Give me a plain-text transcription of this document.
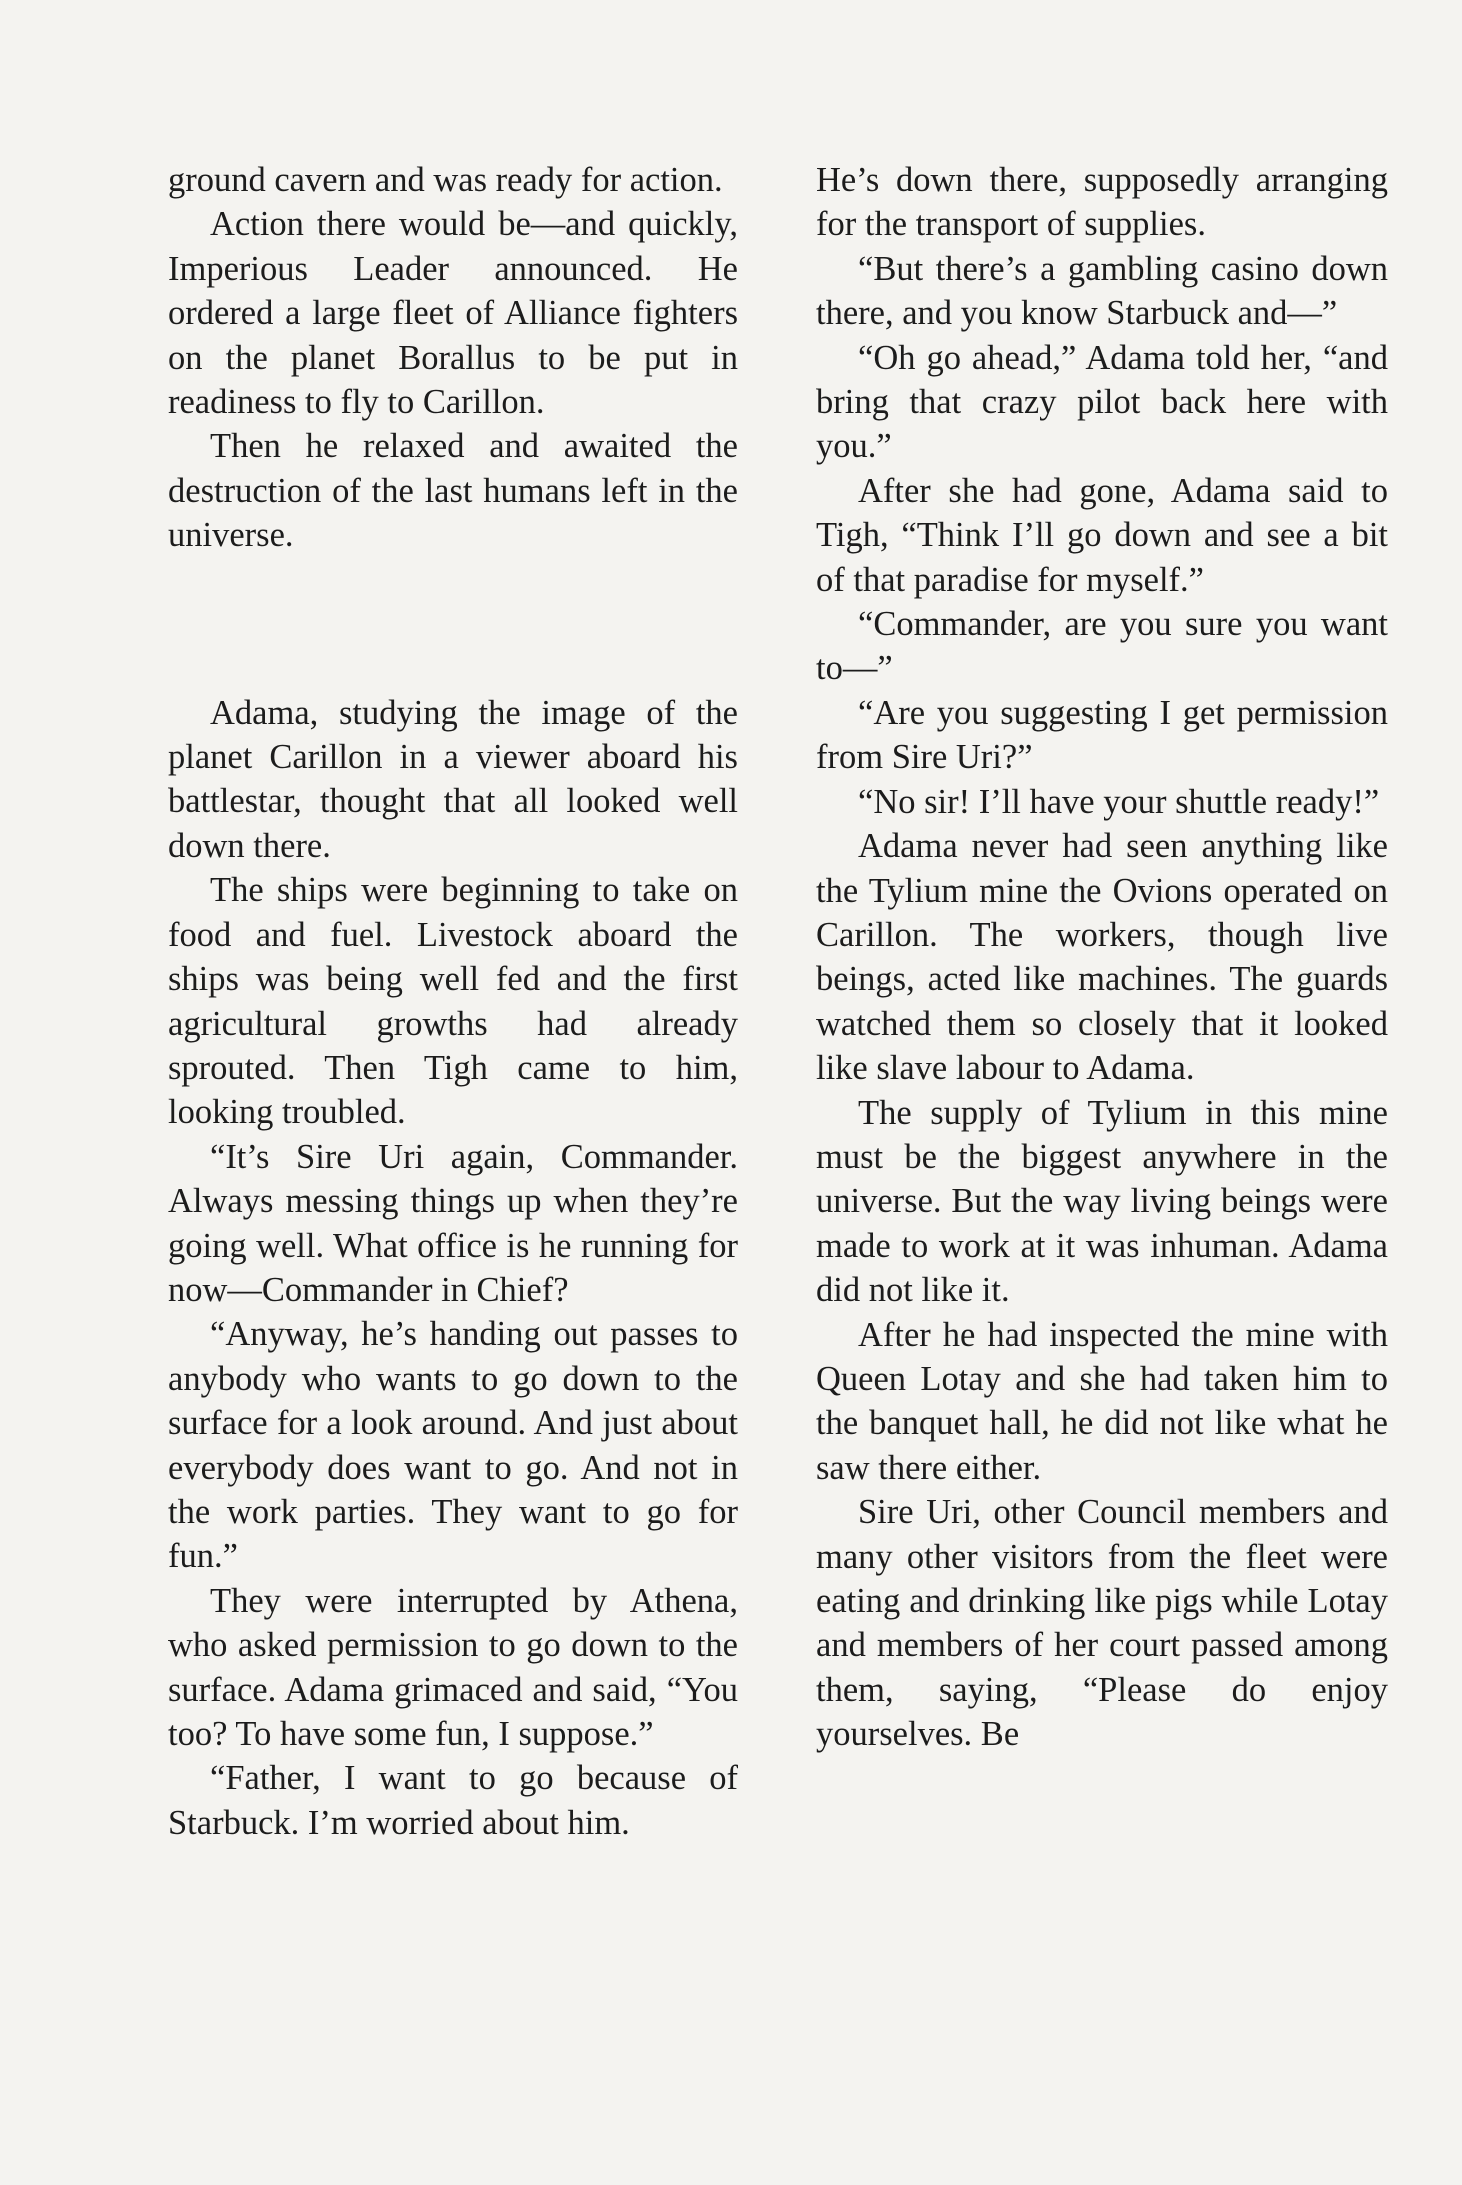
ground cavern and was ready for action.

Action there would be—and quickly, Imperious Leader announced. He ordered a large fleet of Alliance fighters on the planet Borallus to be put in readiness to fly to Carillon.

Then he relaxed and awaited the destruction of the last humans left in the universe.

Adama, studying the image of the planet Carillon in a viewer aboard his battlestar, thought that all looked well down there.

The ships were beginning to take on food and fuel. Livestock aboard the ships was being well fed and the first agricultural growths had already sprouted. Then Tigh came to him, looking troubled.

“It’s Sire Uri again, Commander. Always messing things up when they’re going well. What office is he running for now—Commander in Chief?

“Anyway, he’s handing out passes to anybody who wants to go down to the surface for a look around. And just about everybody does want to go. And not in the work parties. They want to go for fun.”

They were interrupted by Athena, who asked permission to go down to the surface. Adama grimaced and said, “You too? To have some fun, I suppose.”

“Father, I want to go because of Starbuck. I’m worried about him.

He’s down there, supposedly arranging for the transport of supplies.

“But there’s a gambling casino down there, and you know Starbuck and—”

“Oh go ahead,” Adama told her, “and bring that crazy pilot back here with you.”

After she had gone, Adama said to Tigh, “Think I’ll go down and see a bit of that paradise for myself.”

“Commander, are you sure you want to—”

“Are you suggesting I get permission from Sire Uri?”

“No sir! I’ll have your shuttle ready!”

Adama never had seen anything like the Tylium mine the Ovions operated on Carillon. The workers, though live beings, acted like machines. The guards watched them so closely that it looked like slave labour to Adama.

The supply of Tylium in this mine must be the biggest anywhere in the universe. But the way living beings were made to work at it was inhuman. Adama did not like it.

After he had inspected the mine with Queen Lotay and she had taken him to the banquet hall, he did not like what he saw there either.

Sire Uri, other Council members and many other visitors from the fleet were eating and drinking like pigs while Lotay and members of her court passed among them, saying, “Please do enjoy yourselves. Be
